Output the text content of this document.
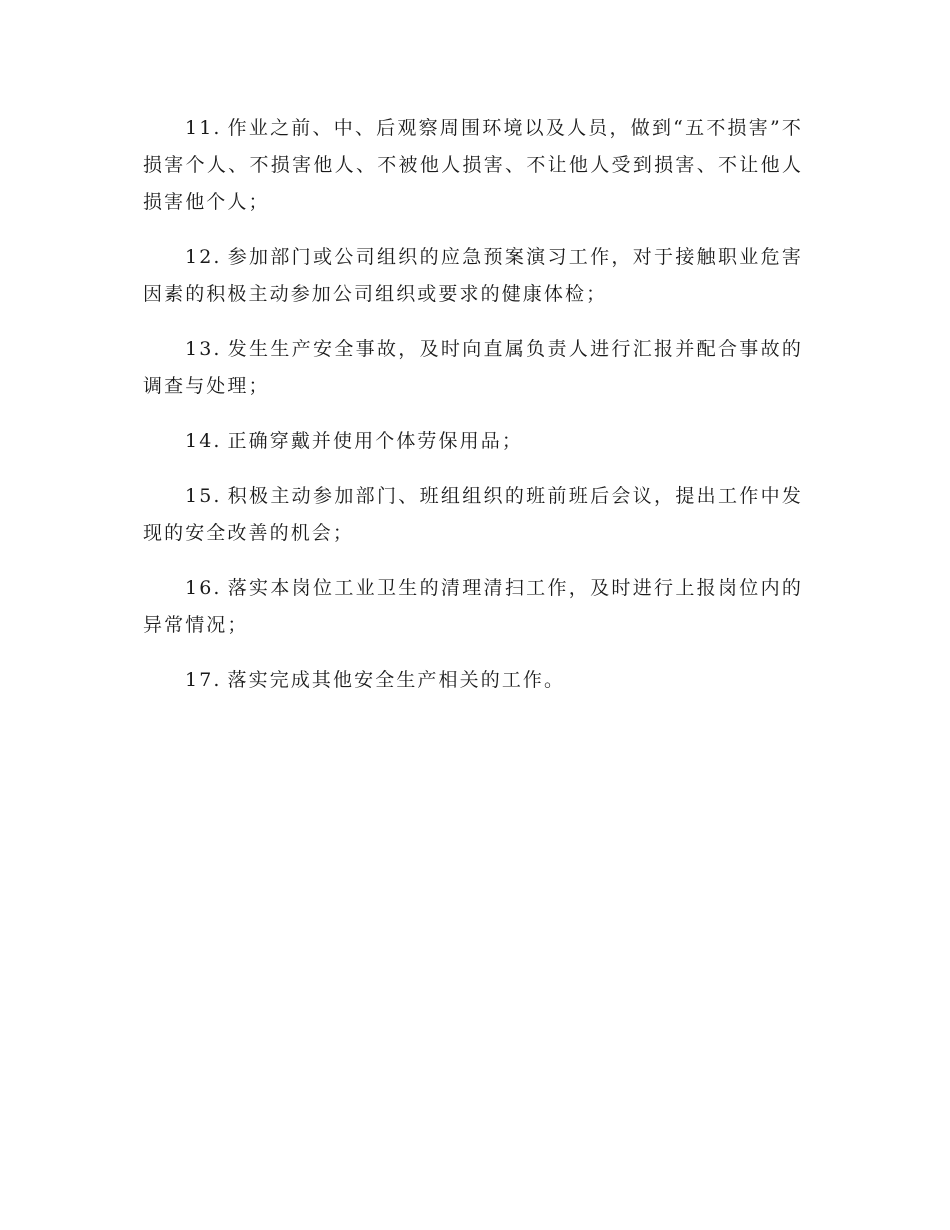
11. 作业之前、中、后观察周围环境以及人员，做到“五不损害”不损害个人、不损害他人、不被他人损害、不让他人受到损害、不让他人损害他个人；

12. 参加部门或公司组织的应急预案演习工作，对于接触职业危害因素的积极主动参加公司组织或要求的健康体检；

13. 发生生产安全事故，及时向直属负责人进行汇报并配合事故的调查与处理；

14. 正确穿戴并使用个体劳保用品；

15. 积极主动参加部门、班组组织的班前班后会议，提出工作中发现的安全改善的机会；

16. 落实本岗位工业卫生的清理清扫工作，及时进行上报岗位内的异常情况；

17. 落实完成其他安全生产相关的工作。
